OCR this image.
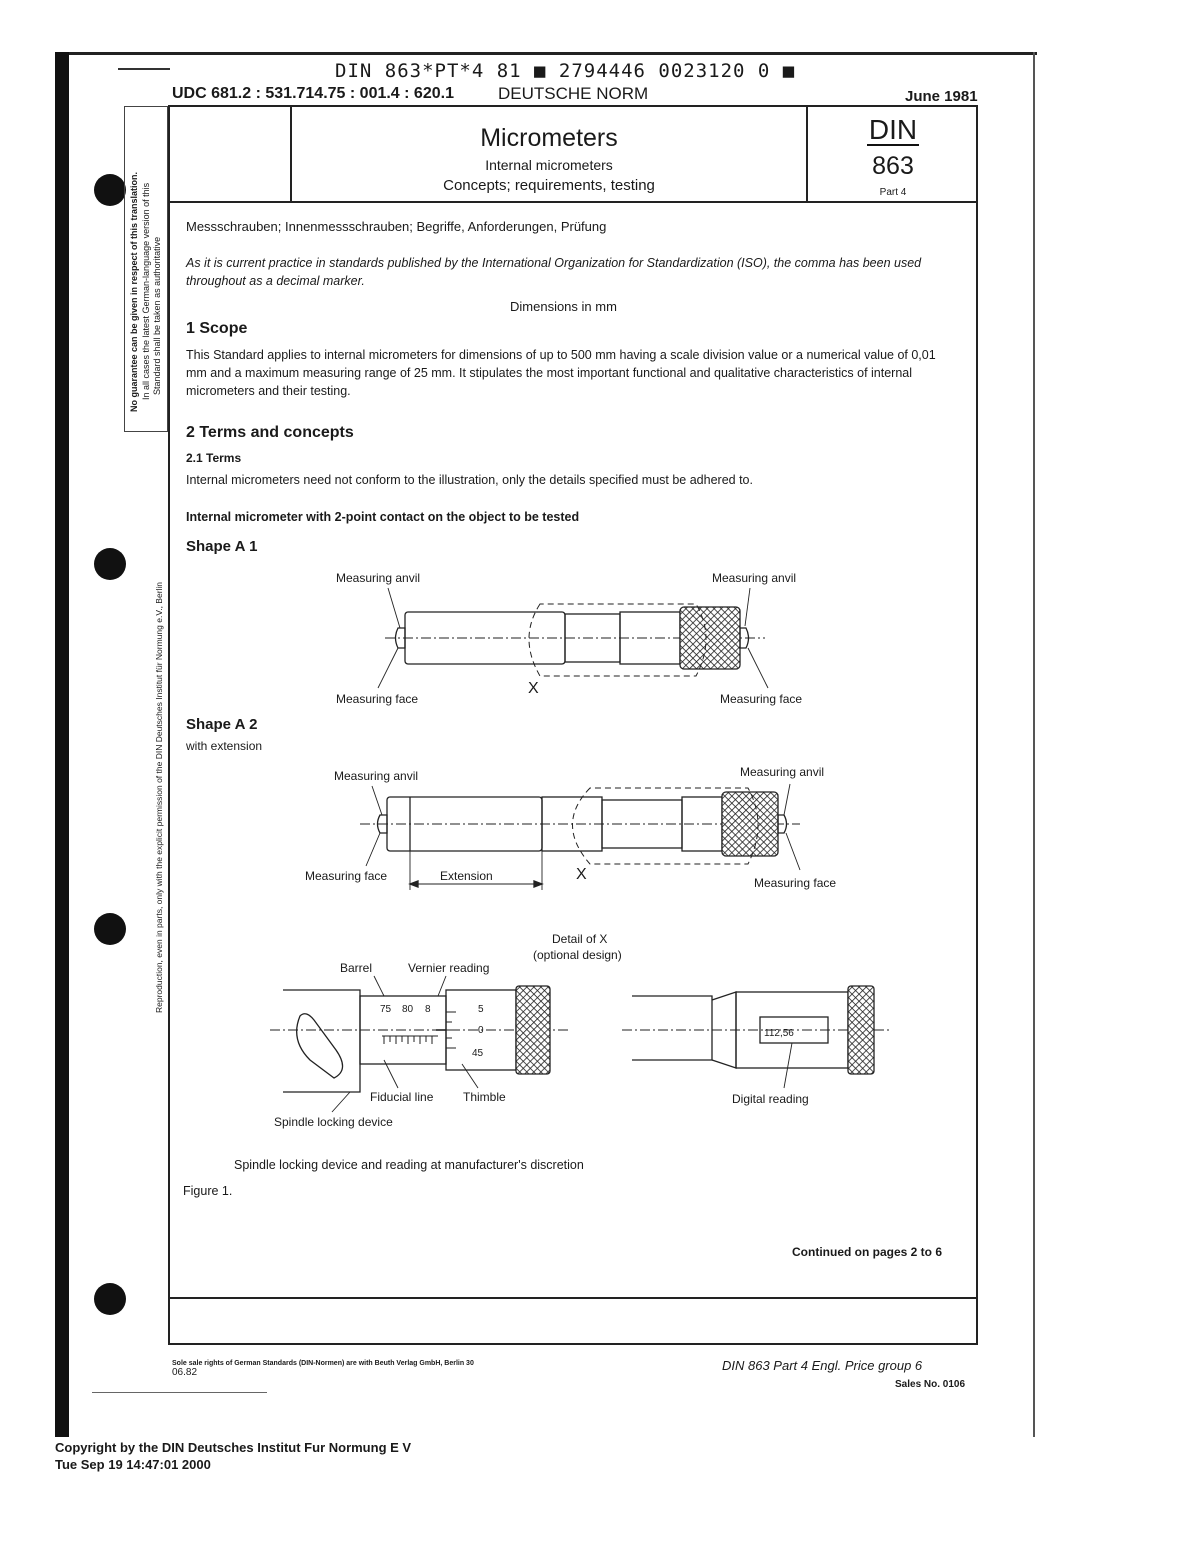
DIN 863*PT*4 81 ■ 2794446 0023120 0 ■
UDC 681.2 : 531.714.75 : 001.4 : 620.1	DEUTSCHE NORM	June 1981
No guarantee can be given in respect of this translation. In all cases the latest German-language version of this Standard shall be taken as authoritative
Reproduction, even in parts, only with the explicit permission of the DIN Deutsches Institut für Normung e.V., Berlin
Micrometers
Internal micrometers
Concepts; requirements, testing
DIN
863
Part 4
Messschrauben; Innenmessschrauben; Begriffe, Anforderungen, Prüfung
As it is current practice in standards published by the International Organization for Standardization (ISO), the comma has been used throughout as a decimal marker.
Dimensions in mm
1 Scope
This Standard applies to internal micrometers for dimensions of up to 500 mm having a scale division value or a numerical value of 0,01 mm and a maximum measuring range of 25 mm. It stipulates the most important functional and qualitative characteristics of internal micrometers and their testing.
2 Terms and concepts
2.1 Terms
Internal micrometers need not conform to the illustration, only the details specified must be adhered to.
Internal micrometer with 2-point contact on the object to be tested
Shape A 1
Shape A 2
with extension
Measuring anvil	Measuring anvil
Measuring face	Measuring face
X
Measuring anvil	Measuring anvil
Measuring face	Measuring face
Extension	X
Detail of X
(optional design)
Barrel	Vernier reading
75 80 8	5
0
45
Fiducial line Thimble
Spindle locking device
112,56
Digital reading
Spindle locking device and reading at manufacturer's discretion
Figure 1.
Continued on pages 2 to 6
Sole sale rights of German Standards (DIN-Normen) are with Beuth Verlag GmbH, Berlin 30
06.82	DIN 863 Part 4 Engl. Price group 6
Sales No. 0106
Copyright by the DIN Deutsches Institut Fur Normung E V
Tue Sep 19 14:47:01 2000
